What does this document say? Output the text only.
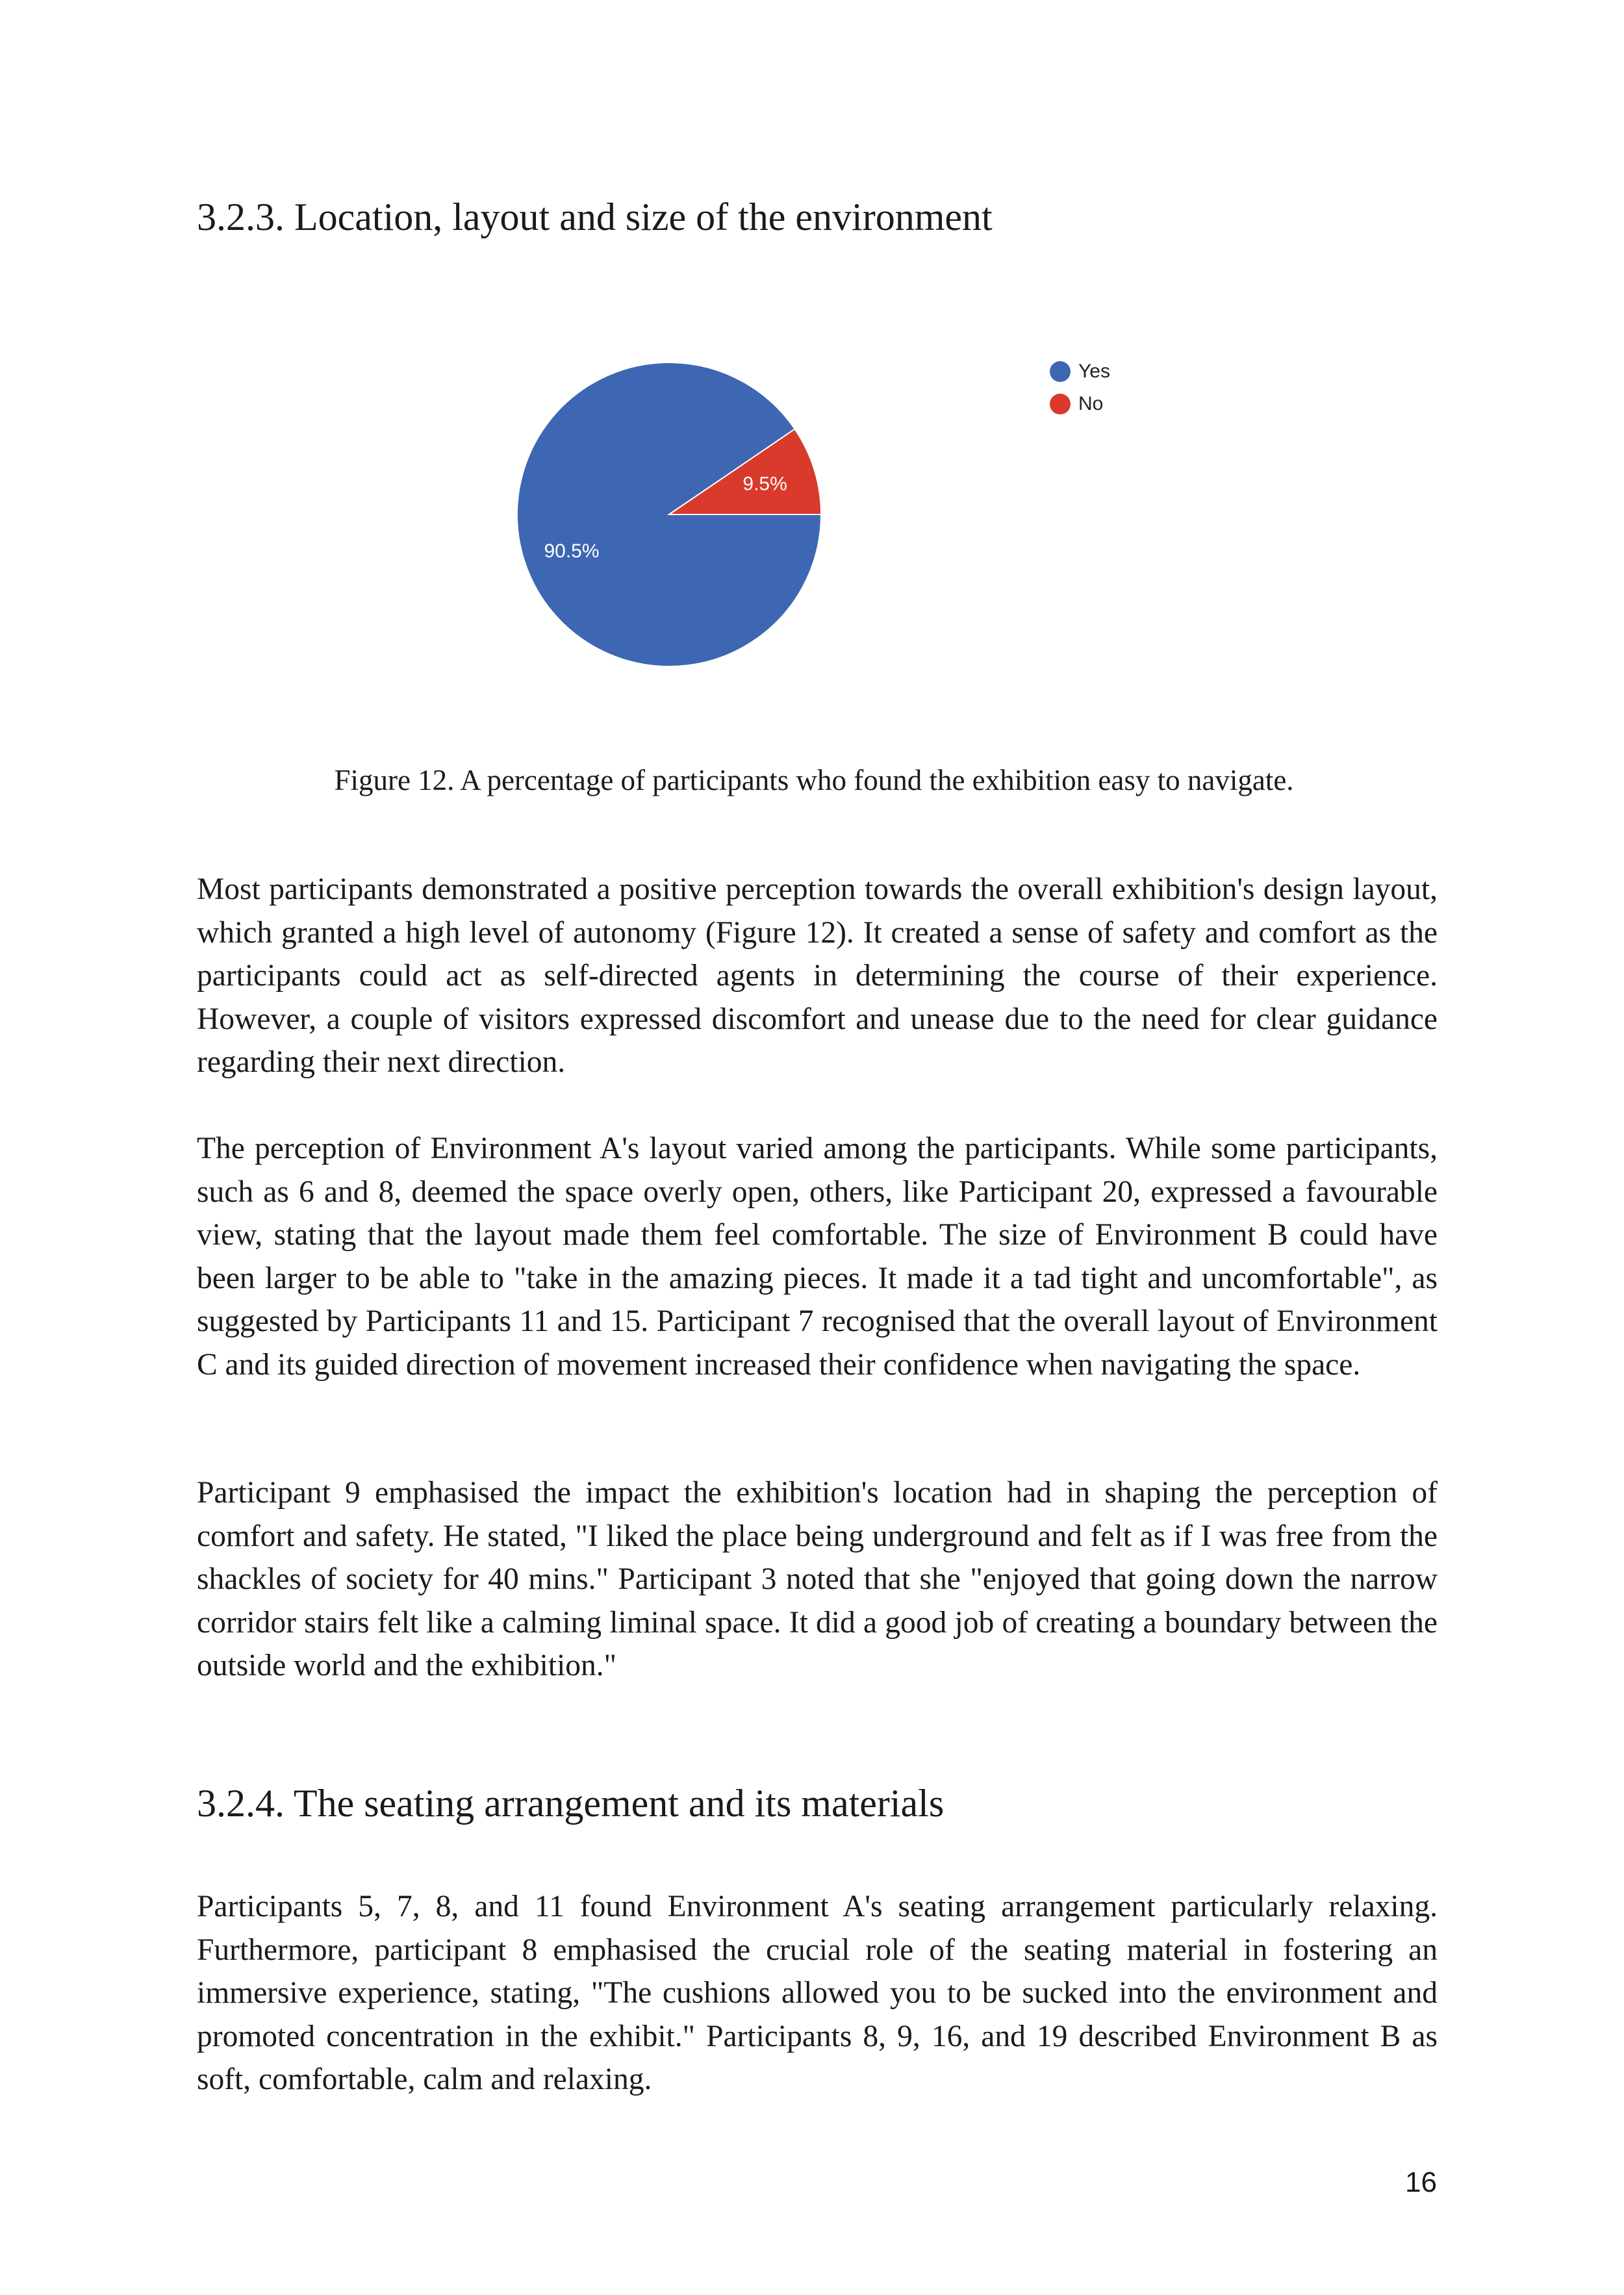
3.2.3. Location, layout and size of the environment
90.5%
9.5%
Yes
No

Figure 12. A percentage of participants who found the exhibition easy to navigate.

Most participants demonstrated a positive perception towards the overall exhibition's design layout, which granted a high level of autonomy (Figure 12). It created a sense of safety and comfort as the participants could act as self-directed agents in determining the course of their experience. However, a couple of visitors expressed discomfort and unease due to the need for clear guidance regarding their next direction.

The perception of Environment A's layout varied among the participants. While some participants, such as 6 and 8, deemed the space overly open, others, like Participant 20, expressed a favourable view, stating that the layout made them feel comfortable. The size of Environment B could have been larger to be able to "take in the amazing pieces. It made it a tad tight and uncomfortable", as suggested by Participants 11 and 15. Participant 7 recognised that the overall layout of Environment C and its guided direction of movement increased their confidence when navigating the space.

Participant 9 emphasised the impact the exhibition's location had in shaping the perception of comfort and safety. He stated, "I liked the place being underground and felt as if I was free from the shackles of society for 40 mins." Participant 3 noted that she "enjoyed that going down the narrow corridor stairs felt like a calming liminal space. It did a good job of creating a boundary between the outside world and the exhibition."

3.2.4. The seating arrangement and its materials

Participants 5, 7, 8, and 11 found Environment A's seating arrangement particularly relaxing. Furthermore, participant 8 emphasised the crucial role of the seating material in fostering an immersive experience, stating, "The cushions allowed you to be sucked into the environment and promoted concentration in the exhibit." Participants 8, 9, 16, and 19 described Environment B as soft, comfortable, calm and relaxing.

16
